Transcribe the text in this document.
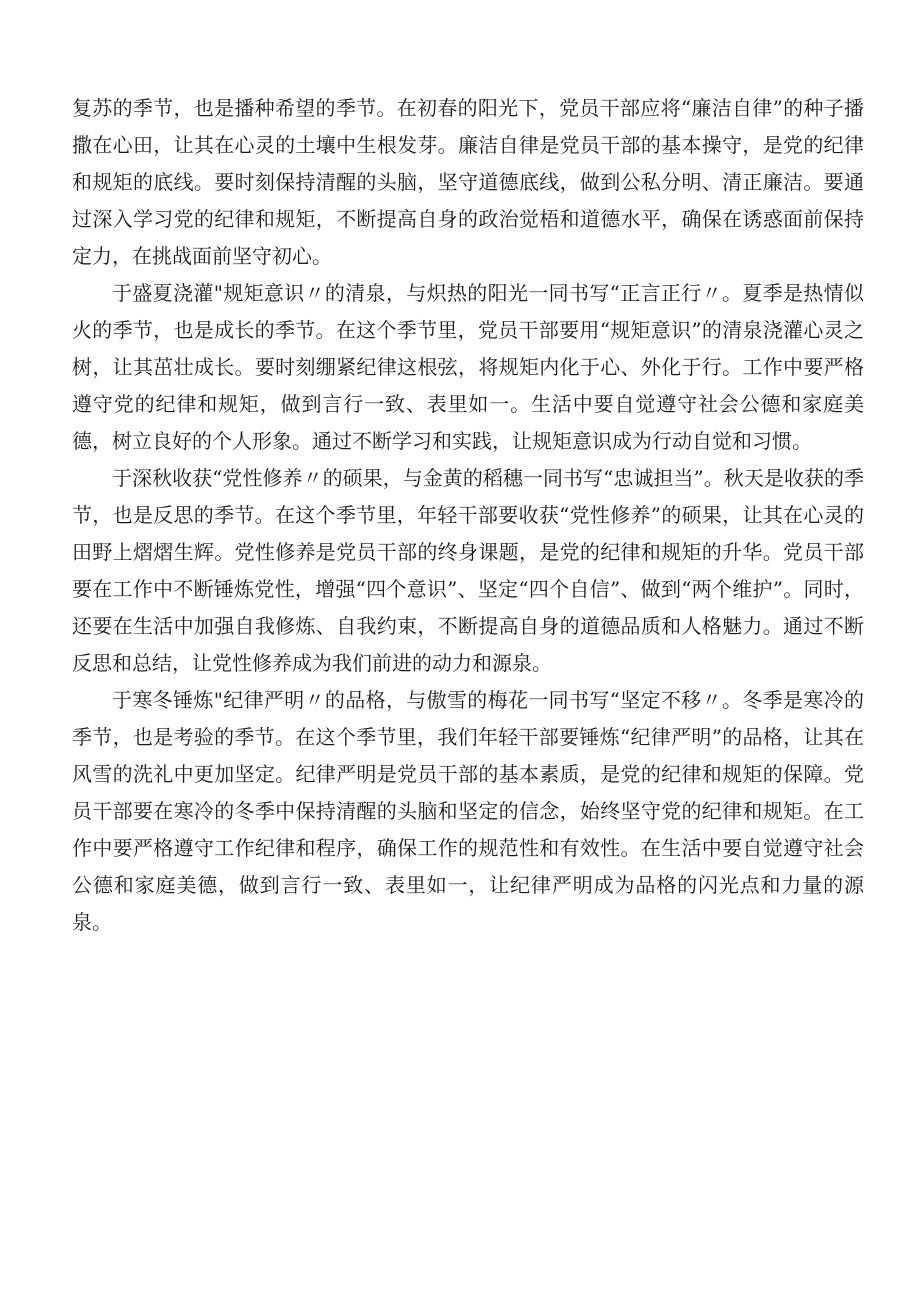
复苏的季节，也是播种希望的季节。在初春的阳光下，党员干部应将“廉洁自律”的种子播撒在心田，让其在心灵的土壤中生根发芽。廉洁自律是党员干部的基本操守，是党的纪律和规矩的底线。要时刻保持清醒的头脑，坚守道德底线，做到公私分明、清正廉洁。要通过深入学习党的纪律和规矩，不断提高自身的政治觉梧和道德水平，确保在诱惑面前保持定力，在挑战面前坚守初心。

于盛夏浇灌"规矩意识〃的清泉，与炽热的阳光一同书写“正言正行〃。夏季是热情似火的季节，也是成长的季节。在这个季节里，党员干部要用“规矩意识”的清泉浇灌心灵之树，让其茁壮成长。要时刻绷紧纪律这根弦，将规矩内化于心、外化于行。工作中要严格遵守党的纪律和规矩，做到言行一致、表里如一。生活中要自觉遵守社会公德和家庭美德，树立良好的个人形象。通过不断学习和实践，让规矩意识成为行动自觉和习惯。

于深秋收获“党性修养〃的硕果，与金黄的稻穗一同书写“忠诚担当”。秋天是收获的季节，也是反思的季节。在这个季节里，年轻干部要收获“党性修养”的硕果，让其在心灵的田野上熠熠生辉。党性修养是党员干部的终身课题，是党的纪律和规矩的升华。党员干部要在工作中不断锤炼党性，增强“四个意识”、坚定“四个自信”、做到“两个维护”。同时，还要在生活中加强自我修炼、自我约束，不断提高自身的道德品质和人格魅力。通过不断反思和总结，让党性修养成为我们前进的动力和源泉。

于寒冬锤炼"纪律严明〃的品格，与傲雪的梅花一同书写“坚定不移〃。冬季是寒冷的季节，也是考验的季节。在这个季节里，我们年轻干部要锤炼“纪律严明”的品格，让其在风雪的洗礼中更加坚定。纪律严明是党员干部的基本素质，是党的纪律和规矩的保障。党员干部要在寒冷的冬季中保持清醒的头脑和坚定的信念，始终坚守党的纪律和规矩。在工作中要严格遵守工作纪律和程序，确保工作的规范性和有效性。在生活中要自觉遵守社会公德和家庭美德，做到言行一致、表里如一，让纪律严明成为品格的闪光点和力量的源泉。
